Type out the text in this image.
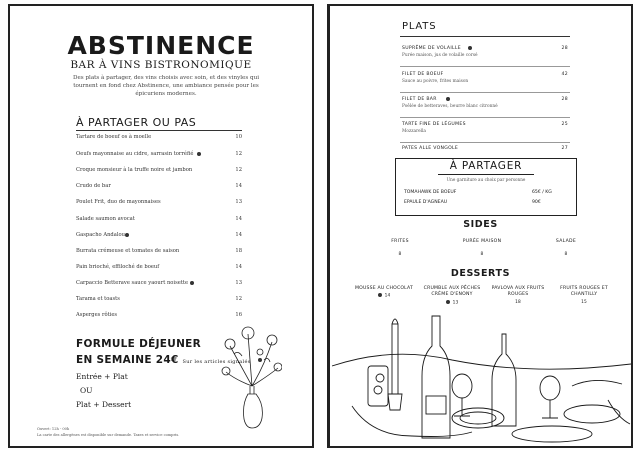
ABSTINENCE
BAR À VINS BISTRONOMIQUE
Des plats à partager, des vins choisis avec soin, et des vinyles qui tournent en fond chez Abstinence, une ambiance pensée pour les épicuriens modernes.
À PARTAGER OU PAS
Tartare de boeuf os à moelle	10
Oeufs mayonnaise au cidre, sarrasin torréfié	12
Croque monsieur à la truffe noire et jambon	12
Crudo de bar	14
Poulet Frit, duo de mayonnaises	13
Salade saumon avocat	14
Gaspacho Andalou	14
Burrata crémeuse et tomates de saison	18
Pain brioché, effiloché de boeuf	14
Carpaccio Betterave sauce yaourt noisette	13
Tarama et toasts	12
Asperges rôties	16
FORMULE DÉJEUNER
EN SEMAINE 24€ Sur les articles signalés
Entrée + Plat
OU
Plat + Dessert
Ouvert: 12h - 00h
La carte des allergènes est disponible sur demande. Taxes et service compris.
PLATS
SUPRÊME DE VOLAILLE	28
Purée maison, jus de volaille corsé
FILET DE BOEUF	42
Sauce au poivre, frites maison
FILET DE BAR	28
Poêlée de betteraves, beurre blanc citronné
TARTE FINE DE LÉGUMES	25
Mozzarella
PATES ALLE VONGOLE	27
À PARTAGER
Une garniture au choix par personne
TOMAHAWK DE BOEUF	65€ / KG
EPAULE D'AGNEAU	90€
SIDES
FRITES
8
PURÉE MAISON
8
SALADE
8
DESSERTS
MOUSSE AU CHOCOLAT
14
CRUMBLE AUX PÊCHES
CRÈME D'ENONY
13
PAVLOVA AUX FRUITS
ROUGES
18
FRUITS ROUGES ET
CHANTILLY
15
